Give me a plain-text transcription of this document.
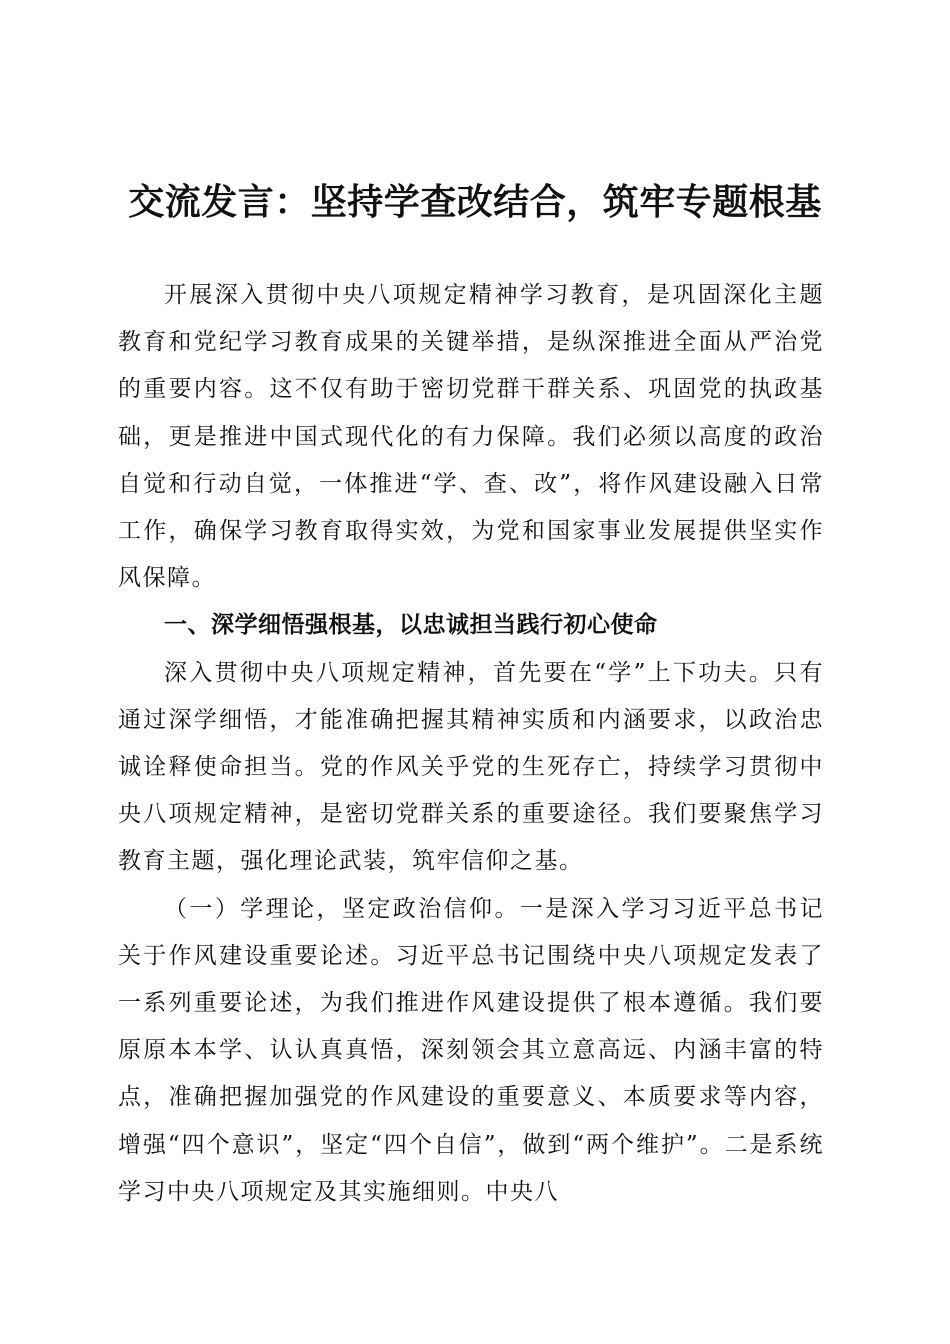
交流发言：坚持学查改结合，筑牢专题根基

开展深入贯彻中央八项规定精神学习教育，是巩固深化主题教育和党纪学习教育成果的关键举措，是纵深推进全面从严治党的重要内容。这不仅有助于密切党群干群关系、巩固党的执政基础，更是推进中国式现代化的有力保障。我们必须以高度的政治自觉和行动自觉，一体推进“学、查、改”，将作风建设融入日常工作，确保学习教育取得实效，为党和国家事业发展提供坚实作风保障。

一、深学细悟强根基，以忠诚担当践行初心使命

深入贯彻中央八项规定精神，首先要在“学”上下功夫。只有通过深学细悟，才能准确把握其精神实质和内涵要求，以政治忠诚诠释使命担当。党的作风关乎党的生死存亡，持续学习贯彻中央八项规定精神，是密切党群关系的重要途径。我们要聚焦学习教育主题，强化理论武装，筑牢信仰之基。

（一）学理论，坚定政治信仰。一是深入学习习近平总书记关于作风建设重要论述。习近平总书记围绕中央八项规定发表了一系列重要论述，为我们推进作风建设提供了根本遵循。我们要原原本本学、认认真真悟，深刻领会其立意高远、内涵丰富的特点，准确把握加强党的作风建设的重要意义、本质要求等内容，增强“四个意识”，坚定“四个自信”，做到“两个维护”。二是系统学习中央八项规定及其实施细则。中央八
